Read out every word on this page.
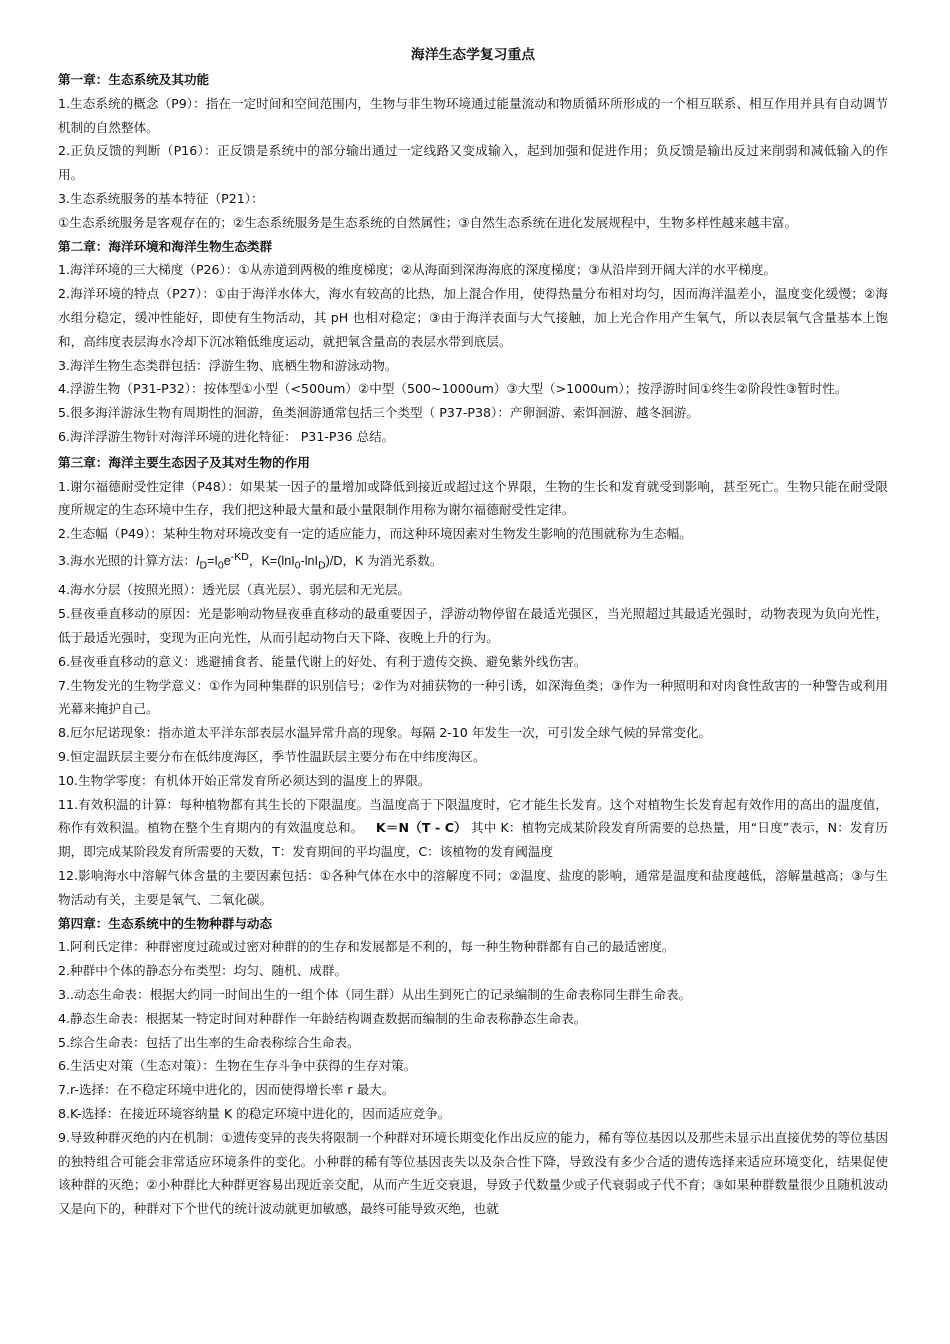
海洋生态学复习重点
第一章：生态系统及其功能
1.生态系统的概念（P9）：指在一定时间和空间范围内，生物与非生物环境通过能量流动和物质循环所形成的一个相互联系、相互作用并具有自动调节机制的自然整体。
2.正负反馈的判断（P16）：正反馈是系统中的部分输出通过一定线路又变成输入，起到加强和促进作用；负反馈是输出反过来削弱和减低输入的作用。
3.生态系统服务的基本特征（P21）：
①生态系统服务是客观存在的；②生态系统服务是生态系统的自然属性；③自然生态系统在进化发展规程中，生物多样性越来越丰富。
第二章：海洋环境和海洋生物生态类群
1.海洋环境的三大梯度（P26）：①从赤道到两极的维度梯度；②从海面到深海海底的深度梯度；③从沿岸到开阔大洋的水平梯度。
2.海洋环境的特点（P27）：①由于海洋水体大，海水有较高的比热，加上混合作用，使得热量分布相对均匀，因而海洋温差小，温度变化缓慢；②海水组分稳定，缓冲性能好，即使有生物活动，其 pH 也相对稳定；③由于海洋表面与大气接触，加上光合作用产生氧气，所以表层氧气含量基本上饱和，高纬度表层海水冷却下沉冰箱低维度运动，就把氧含量高的表层水带到底层。
3.海洋生物生态类群包括：浮游生物、底栖生物和游泳动物。
4.浮游生物（P31-P32）：按体型①小型（<500um）②中型（500~1000um）③大型（>1000um）；按浮游时间①终生②阶段性③暂时性。
5.很多海洋游泳生物有周期性的洄游，鱼类洄游通常包括三个类型（ P37-P38）：产卵洄游、索饵洄游、越冬洄游。
6.海洋浮游生物针对海洋环境的进化特征： P31-P36 总结。
第三章：海洋主要生态因子及其对生物的作用
1.谢尔福德耐受性定律（P48）：如果某一因子的量增加或降低到接近或超过这个界限，生物的生长和发育就受到影响，甚至死亡。生物只能在耐受限度所规定的生态环境中生存，我们把这种最大量和最小量限制作用称为谢尔福德耐受性定律。
2.生态幅（P49）：某种生物对环境改变有一定的适应能力，而这种环境因素对生物发生影响的范围就称为生态幅。
3.海水光照的计算方法：$I_D=I_0e^{-KD}$，K=(lnI$_0$-lnI$_D$)/D，K 为消光系数。
4.海水分层（按照光照）：透光层（真光层）、弱光层和无光层。
5.昼夜垂直移动的原因：光是影响动物昼夜垂直移动的最重要因子，浮游动物停留在最适光强区，当光照超过其最适光强时，动物表现为负向光性，低于最适光强时，变现为正向光性，从而引起动物白天下降、夜晚上升的行为。
6.昼夜垂直移动的意义：逃避捕食者、能量代谢上的好处、有利于遗传交换、避免紫外线伤害。
7.生物发光的生物学意义：①作为同种集群的识别信号；②作为对捕获物的一种引诱，如深海鱼类；③作为一种照明和对肉食性敌害的一种警告或利用光幕来掩护自己。
8.厄尔尼诺现象：指赤道太平洋东部表层水温异常升高的现象。每隔 2-10 年发生一次，可引发全球气候的异常变化。
9.恒定温跃层主要分布在低纬度海区，季节性温跃层主要分布在中纬度海区。
10.生物学零度：有机体开始正常发育所必须达到的温度上的界限。
11.有效积温的计算：每种植物都有其生长的下限温度。当温度高于下限温度时，它才能生长发育。这个对植物生长发育起有效作用的高出的温度值，称作有效积温。植物在整个生育期内的有效温度总和。 K＝N（T - C） 其中 K：植物完成某阶段发育所需要的总热量，用“日度”表示，N：发育历期，即完成某阶段发育所需要的天数，T：发育期间的平均温度，C：该植物的发育阈温度
12.影响海水中溶解气体含量的主要因素包括：①各种气体在水中的溶解度不同；②温度、盐度的影响，通常是温度和盐度越低，溶解量越高；③与生物活动有关，主要是氧气、二氧化碳。
第四章：生态系统中的生物种群与动态
1.阿利氏定律：种群密度过疏或过密对种群的的生存和发展都是不利的，每一种生物种群都有自己的最适密度。
2.种群中个体的静态分布类型：均匀、随机、成群。
3..动态生命表：根据大约同一时间出生的一组个体（同生群）从出生到死亡的记录编制的生命表称同生群生命表。
4.静态生命表：根据某一特定时间对种群作一年龄结构调查数据而编制的生命表称静态生命表。
5.综合生命表：包括了出生率的生命表称综合生命表。
6.生活史对策（生态对策）：生物在生存斗争中获得的生存对策。
7.r-选择：在不稳定环境中进化的，因而使得增长率 r 最大。
8.K-选择：在接近环境容纳量 K 的稳定环境中进化的，因而适应竞争。
9.导致种群灭绝的内在机制：①遗传变异的丧失将限制一个种群对环境长期变化作出反应的能力，稀有等位基因以及那些未显示出直接优势的等位基因的独特组合可能会非常适应环境条件的变化。小种群的稀有等位基因丧失以及杂合性下降，导致没有多少合适的遗传选择来适应环境变化，结果促使该种群的灭绝；②小种群比大种群更容易出现近亲交配，从而产生近交衰退，导致子代数量少或子代衰弱或子代不育；③如果种群数量很少且随机波动又是向下的，种群对下个世代的统计波动就更加敏感，最终可能导致灭绝，也就
